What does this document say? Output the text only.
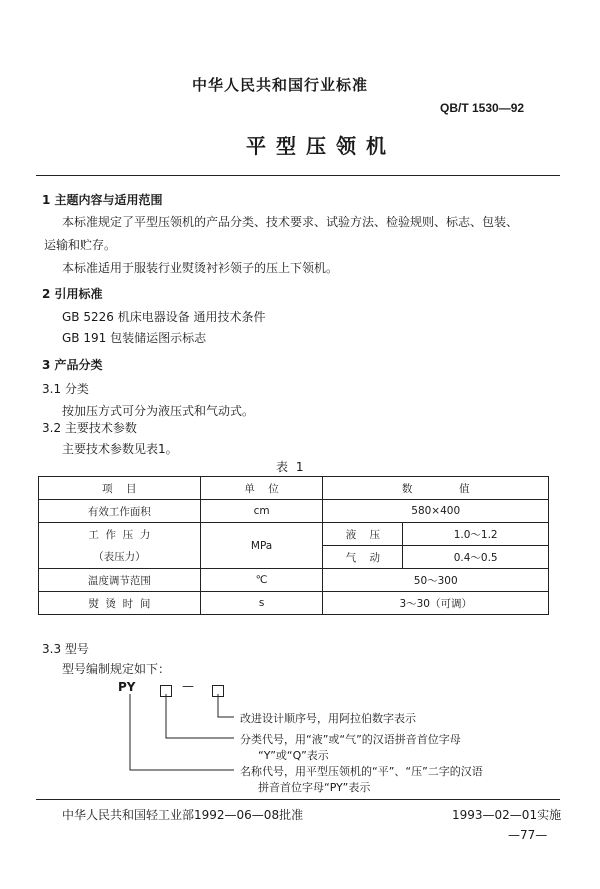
中华人民共和国行业标准
QB/T 1530—92
平型压领机
1 主题内容与适用范围
本标准规定了平型压领机的产品分类、技术要求、试验方法、检验规则、标志、包装、
运输和贮存。
本标准适用于服装行业熨烫衬衫领子的压上下领机。
2 引用标准
GB 5226 机床电器设备 通用技术条件
GB 191 包装储运图示标志
3 产品分类
3.1 分类
按加压方式可分为液压式和气动式。
3.2 主要技术参数
主要技术参数见表1。
表 1
项    目	单    位	数              值	
有效工作面积	cm	580×400	

工  作  压  力
（表压力）	MPa	液    压	1.0～1.2
		气    动	0.4～0.5
温度调节范围	℃	50～300	
熨  烫  时  间	s	3～30（可调）	
3.3 型号
型号编制规定如下：
PY	—
改进设计顺序号，用阿拉伯数字表示
分类代号，用“液”或“气”的汉语拼音首位字母
“Y”或“Q”表示
名称代号，用平型压领机的“平”、“压”二字的汉语
拼音首位字母“PY”表示
中华人民共和国轻工业部1992—06—08批准	1993—02—01实施
—77—
